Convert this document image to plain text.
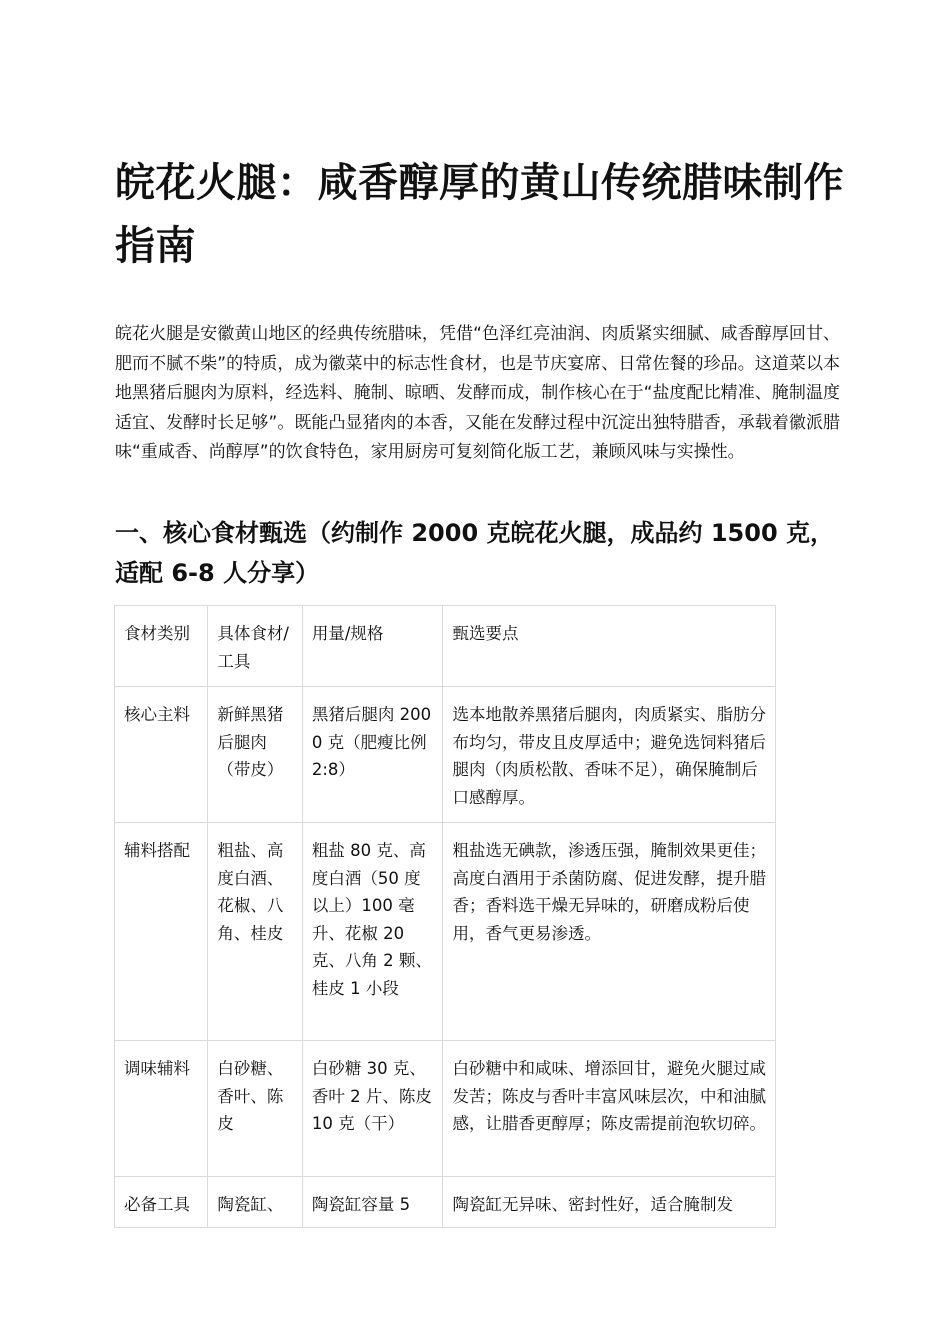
皖花火腿：咸香醇厚的黄山传统腊味制作指南

皖花火腿是安徽黄山地区的经典传统腊味，凭借“色泽红亮油润、肉质紧实细腻、咸香醇厚回甘、肥而不腻不柴”的特质，成为徽菜中的标志性食材，也是节庆宴席、日常佐餐的珍品。这道菜以本地黑猪后腿肉为原料，经选料、腌制、晾晒、发酵而成，制作核心在于“盐度配比精准、腌制温度适宜、发酵时长足够”。既能凸显猪肉的本香，又能在发酵过程中沉淀出独特腊香，承载着徽派腊味“重咸香、尚醇厚”的饮食特色，家用厨房可复刻简化版工艺，兼顾风味与实操性。

一、核心食材甄选（约制作 2000 克皖花火腿，成品约 1500 克，适配 6-8 人分享）
食材类别	具体食材/工具	用量/规格	甄选要点
核心主料	新鲜黑猪后腿肉（带皮）	黑猪后腿肉 2000 克（肥瘦比例 2:8）	选本地散养黑猪后腿肉，肉质紧实、脂肪分布均匀，带皮且皮厚适中；避免选饲料猪后腿肉（肉质松散、香味不足），确保腌制后口感醇厚。
辅料搭配	粗盐、高度白酒、花椒、八角、桂皮	粗盐 80 克、高度白酒（50 度以上）100 毫升、花椒 20 克、八角 2 颗、桂皮 1 小段	粗盐选无碘款，渗透压强，腌制效果更佳；高度白酒用于杀菌防腐、促进发酵，提升腊香；香料选干燥无异味的，研磨成粉后使用，香气更易渗透。
调味辅料	白砂糖、香叶、陈皮	白砂糖 30 克、香叶 2 片、陈皮 10 克（干）	白砂糖中和咸味、增添回甘，避免火腿过咸发苦；陈皮与香叶丰富风味层次，中和油腻感，让腊香更醇厚；陈皮需提前泡软切碎。
必备工具	陶瓷缸、	陶瓷缸容量 5	陶瓷缸无异味、密封性好，适合腌制发
